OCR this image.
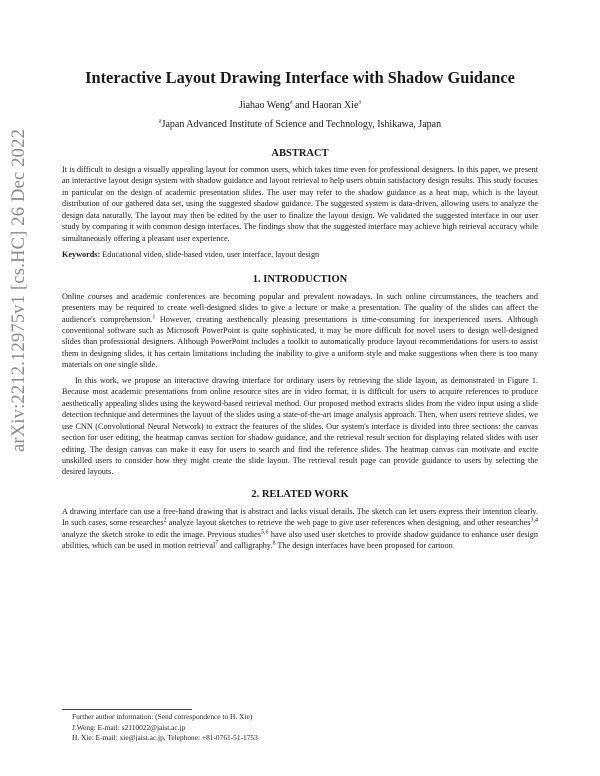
arXiv:2212.12975v1 [cs.HC] 26 Dec 2022
Interactive Layout Drawing Interface with Shadow Guidance
Jiahao Weng$^a$ and Haoran Xie$^a$
$^a$Japan Advanced Institute of Science and Technology, Ishikawa, Japan
ABSTRACT

It is difficult to design a visually appealing layout for common users, which takes time even for professional designers. In this paper, we present an interactive layout design system with shadow guidance and layout retrieval to help users obtain satisfactory design results. This study focuses in particular on the design of academic presentation slides. The user may refer to the shadow guidance as a heat map, which is the layout distribution of our gathered data set, using the suggested shadow guidance. The suggested system is data-driven, allowing users to analyze the design data naturally. The layout may then be edited by the user to finalize the layout design. We validated the suggested interface in our user study by comparing it with common design interfaces. The findings show that the suggested interface may achieve high retrieval accuracy while simultaneously offering a pleasant user experience.

Keywords: Educational video, slide-based video, user interface, layout design
1. INTRODUCTION

Online courses and academic conferences are becoming popular and prevalent nowadays. In such online circumstances, the teachers and presenters may be required to create well-designed slides to give a lecture or make a presentation. The quality of the slides can affect the audience's comprehension.$^1$ However, creating aesthetically pleasing presentations is time-consuming for inexperienced users. Although conventional software such as Microsoft PowerPoint is quite sophisticated, it may be more difficult for novel users to design well-designed slides than professional designers. Although PowerPoint includes a toolkit to automatically produce layout recommendations for users to assist them in designing slides, it has certain limitations including the inability to give a uniform style and make suggestions when there is too many materials on one single slide.

In this work, we propose an interactive drawing interface for ordinary users by retrieving the slide layout, as demonstrated in Figure 1. Because most academic presentations from online resource sites are in video format, it is difficult for users to acquire references to produce aesthetically appealing slides using the keyword-based retrieval method. Our proposed method extracts slides from the video input using a slide detection technique and determines the layout of the slides using a state-of-the-art image analysis approach. Then, when users retrieve slides, we use CNN (Convolutional Neural Network) to extract the features of the slides. Our system's interface is divided into three sections: the canvas section for user editing, the heatmap canvas section for shadow guidance, and the retrieval result section for displaying related slides with user editing. The design canvas can make it easy for users to search and find the reference slides. The heatmap canvas can motivate and excite unskilled users to consider how they might create the slide layout. The retrieval result page can provide guidance to users by selecting the desired layouts.

2. RELATED WORK

A drawing interface can use a free-hand drawing that is abstract and lacks visual details. The sketch can let users express their intention clearly. In such cases, some researches$^2$ analyze layout sketches to retrieve the web page to give user references when designing, and other researches$^{3,4}$ analyze the sketch stroke to edit the image. Previous studies$^{5,6}$ have also used user sketches to provide shadow guidance to enhance user design abilities, which can be used in motion retrieval$^7$ and calligraphy.$^8$ The design interfaces have been proposed for cartoon

Further author information: (Send correspondence to H. Xie)
J.Weng: E-mail: s2110022@jaist.ac.jp
H. Xie: E-mail: xie@jaist.ac.jp, Telephone: +81-0761-51-1753
